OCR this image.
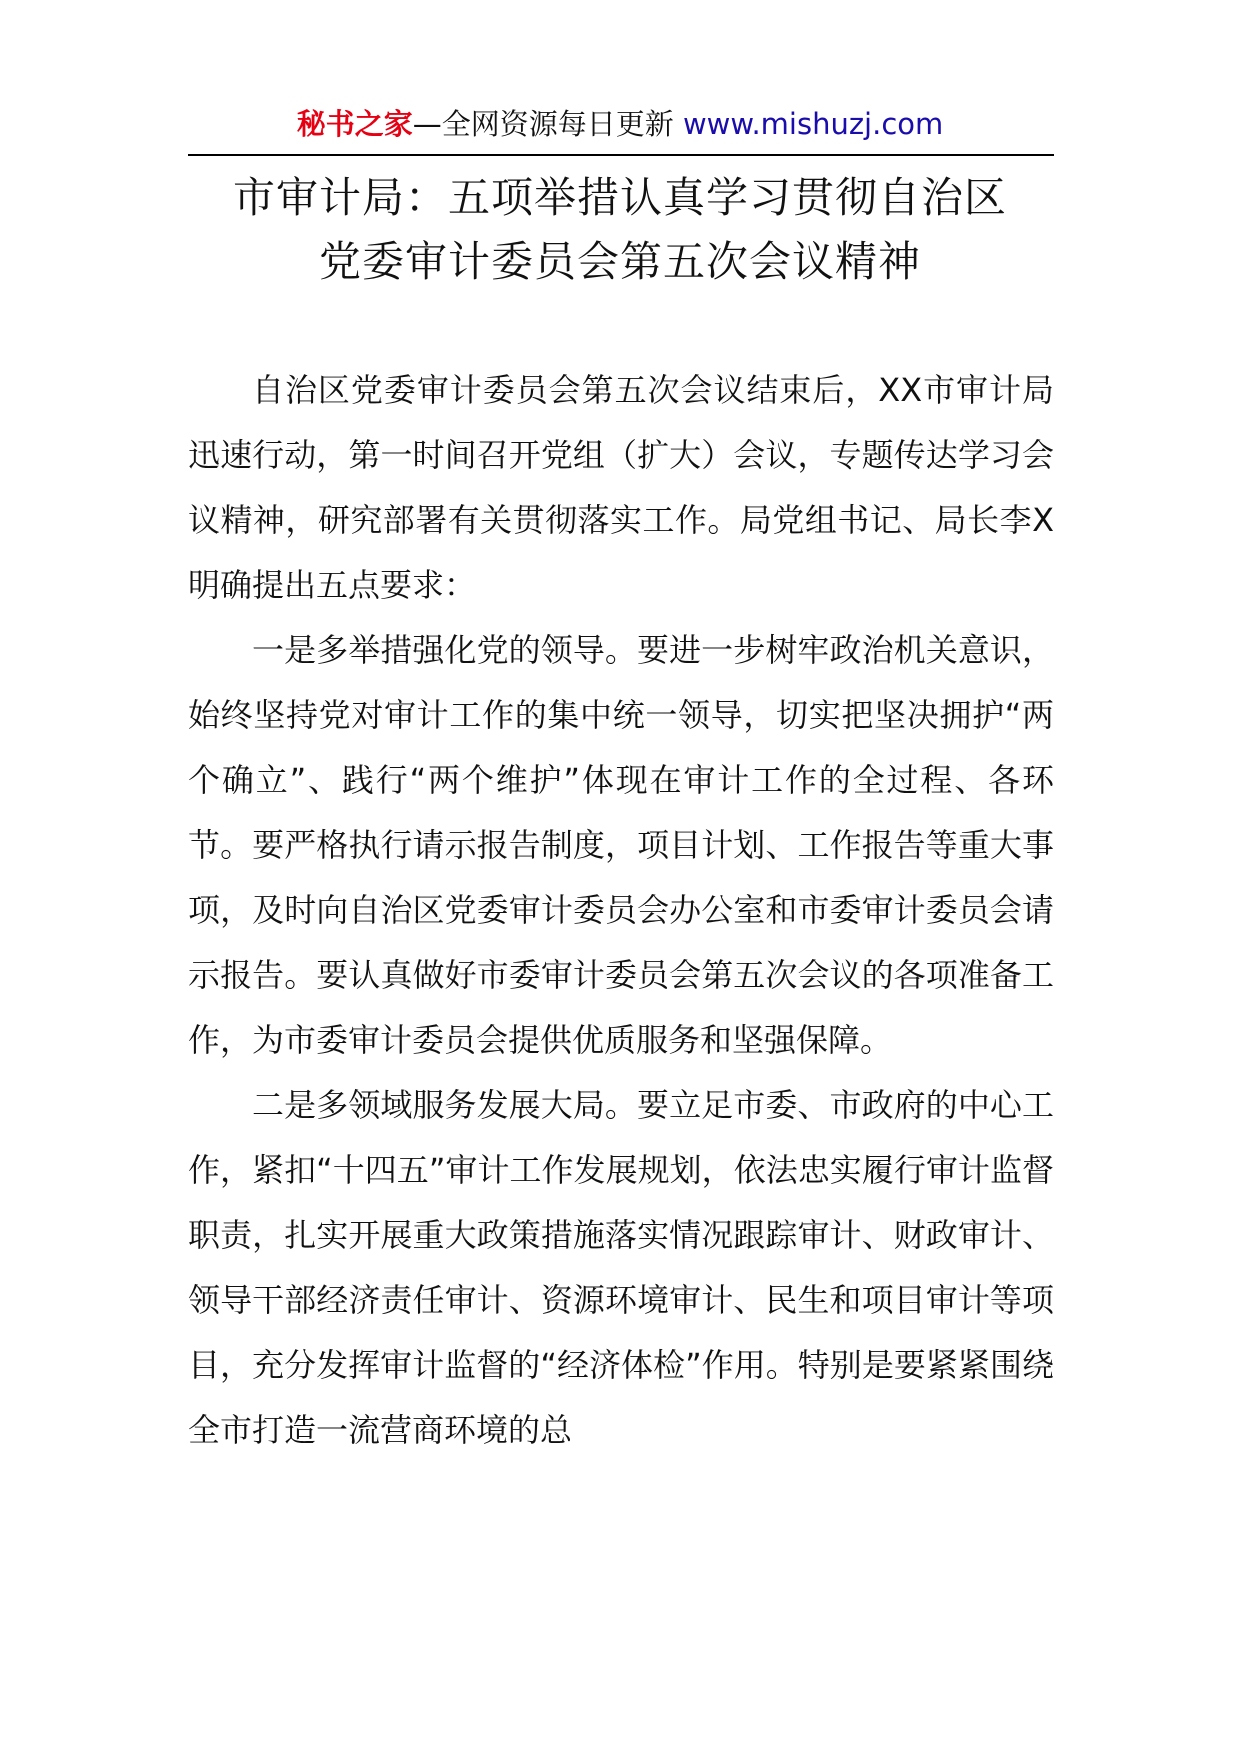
秘书之家—全网资源每日更新 www.mishuzj.com
市审计局：五项举措认真学习贯彻自治区
党委审计委员会第五次会议精神

自治区党委审计委员会第五次会议结束后，XX市审计局迅速行动，第一时间召开党组（扩大）会议，专题传达学习会议精神，研究部署有关贯彻落实工作。局党组书记、局长李X明确提出五点要求：

一是多举措强化党的领导。要进一步树牢政治机关意识，始终坚持党对审计工作的集中统一领导，切实把坚决拥护“两个确立”、践行“两个维护”体现在审计工作的全过程、各环节。要严格执行请示报告制度，项目计划、工作报告等重大事项，及时向自治区党委审计委员会办公室和市委审计委员会请示报告。要认真做好市委审计委员会第五次会议的各项准备工作，为市委审计委员会提供优质服务和坚强保障。

二是多领域服务发展大局。要立足市委、市政府的中心工作，紧扣“十四五”审计工作发展规划，依法忠实履行审计监督职责，扎实开展重大政策措施落实情况跟踪审计、财政审计、领导干部经济责任审计、资源环境审计、民生和项目审计等项目，充分发挥审计监督的“经济体检”作用。特别是要紧紧围绕全市打造一流营商环境的总
